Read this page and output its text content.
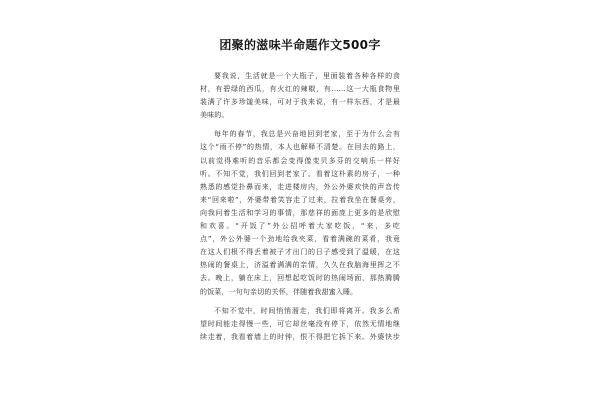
团聚的滋味半命题作文500字
要我说，生活就是一个大瓶子，里面装着各种各样的食
材，有碧绿的西瓜，有火红的辣椒，有……这一大瓶食物里
装满了许多珍馐美味，可对于我来说，有一样东西，才是最
美味的。
每年的春节，我总是兴奋地回到老家，至于为什么会有
这个“雨不停”的热情，本人也解释不清楚。在回去的路上，
以前觉得难听的音乐都会变得像变贝多芬的交响乐一样好
听。不知不觉，我们回到老家了。看着这朴素的房子，一种
熟悉的感觉扑鼻而来，走进楼房内，外公外婆欢快的声音传
来“回来啦”，外婆带着笑容走了过来，拉着我坐在餐桌旁，
向我问着生活和学习的事情，那慈祥的面庞上更多的是欣慰
和欢喜。“开饭了”外公招呼着大家吃饭，“来，多吃
点”，外公外婆一个劲地给我夹菜，看着满碗的菜肴，我竟
在这人们根不得丢着被子才出门的日子感受到了温暖，在这
热闹的餐桌上，济溢着满满的亲情，久久在我脑海里挥之不
去。晚上，躺在床上，回想起吃饭时的热闹场面，那热腾腾
的饭菜，一句句亲切的关怀，伴随着我甜蜜入睡。
不知不觉中，时间悄悄溜走，我们即将离开。我多么希
望时间能走得慢一些，可它却丝毫没有停下，依然无情地继
续走着，我看着墙上的时钟，恨不得把它拆下来。外婆快步
